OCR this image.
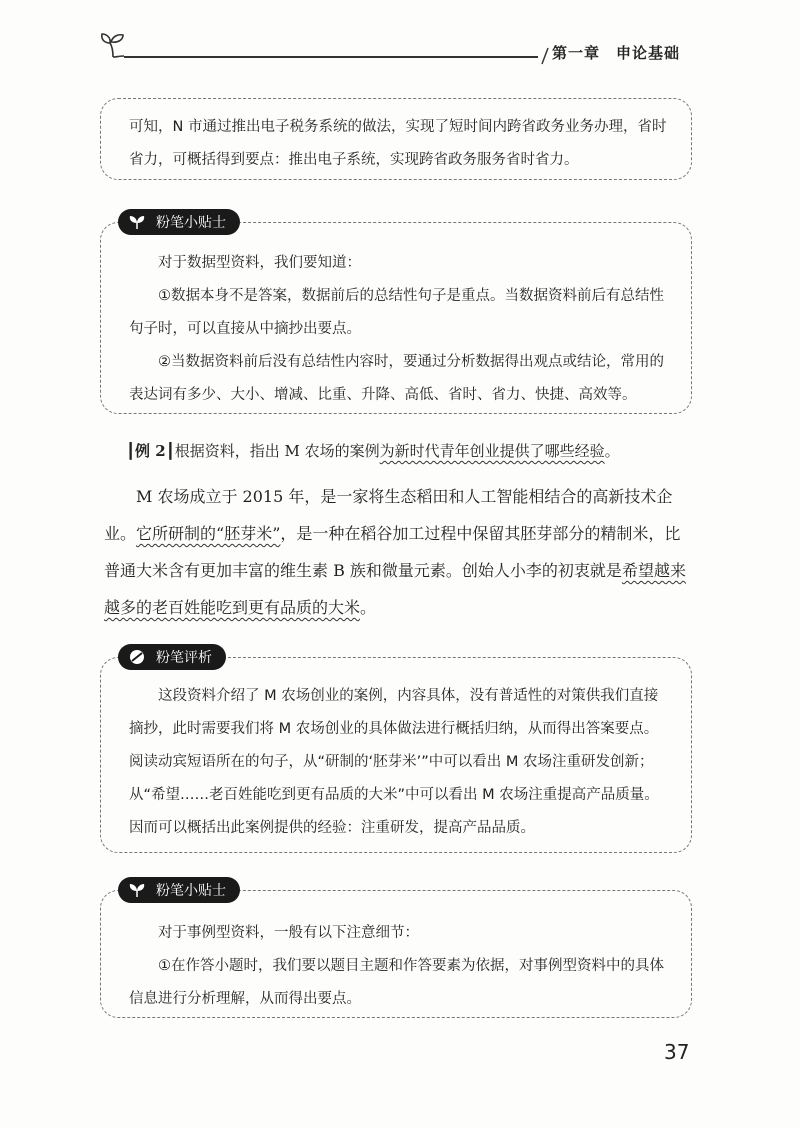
第一章 申论基础

可知，N 市通过推出电子税务系统的做法，实现了短时间内跨省政务业务办理，省时省力，可概括得到要点：推出电子系统，实现跨省政务服务省时省力。

对于数据型资料，我们要知道：

①数据本身不是答案，数据前后的总结性句子是重点。当数据资料前后有总结性句子时，可以直接从中摘抄出要点。

②当数据资料前后没有总结性内容时，要通过分析数据得出观点或结论，常用的表达词有多少、大小、增减、比重、升降、高低、省时、省力、快捷、高效等。

粉笔小贴士
┃例 2┃根据资料，指出 M 农场的案例为新时代青年创业提供了哪些经验。

M 农场成立于 2015 年，是一家将生态稻田和人工智能相结合的高新技术企业。它所研制的“胚芽米”，是一种在稻谷加工过程中保留其胚芽部分的精制米，比普通大米含有更加丰富的维生素 B 族和微量元素。创始人小李的初衷就是希望越来越多的老百姓能吃到更有品质的大米。

这段资料介绍了 M 农场创业的案例，内容具体，没有普适性的对策供我们直接摘抄，此时需要我们将 M 农场创业的具体做法进行概括归纳，从而得出答案要点。阅读动宾短语所在的句子，从“研制的‘胚芽米’”中可以看出 M 农场注重研发创新；从“希望……老百姓能吃到更有品质的大米”中可以看出 M 农场注重提高产品质量。因而可以概括出此案例提供的经验：注重研发，提高产品品质。

粉笔评析

对于事例型资料，一般有以下注意细节：

①在作答小题时，我们要以题目主题和作答要素为依据，对事例型资料中的具体信息进行分析理解，从而得出要点。

粉笔小贴士
37
